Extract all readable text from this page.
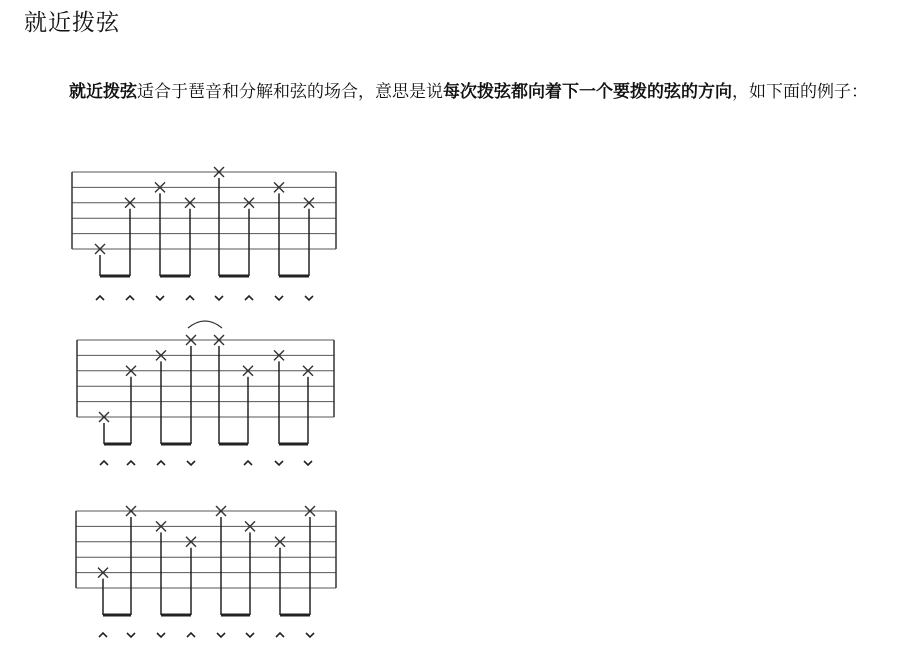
就近拨弦

就近拨弦适合于琶音和分解和弦的场合，意思是说每次拨弦都向着下一个要拨的弦的方向，如下面的例子：
